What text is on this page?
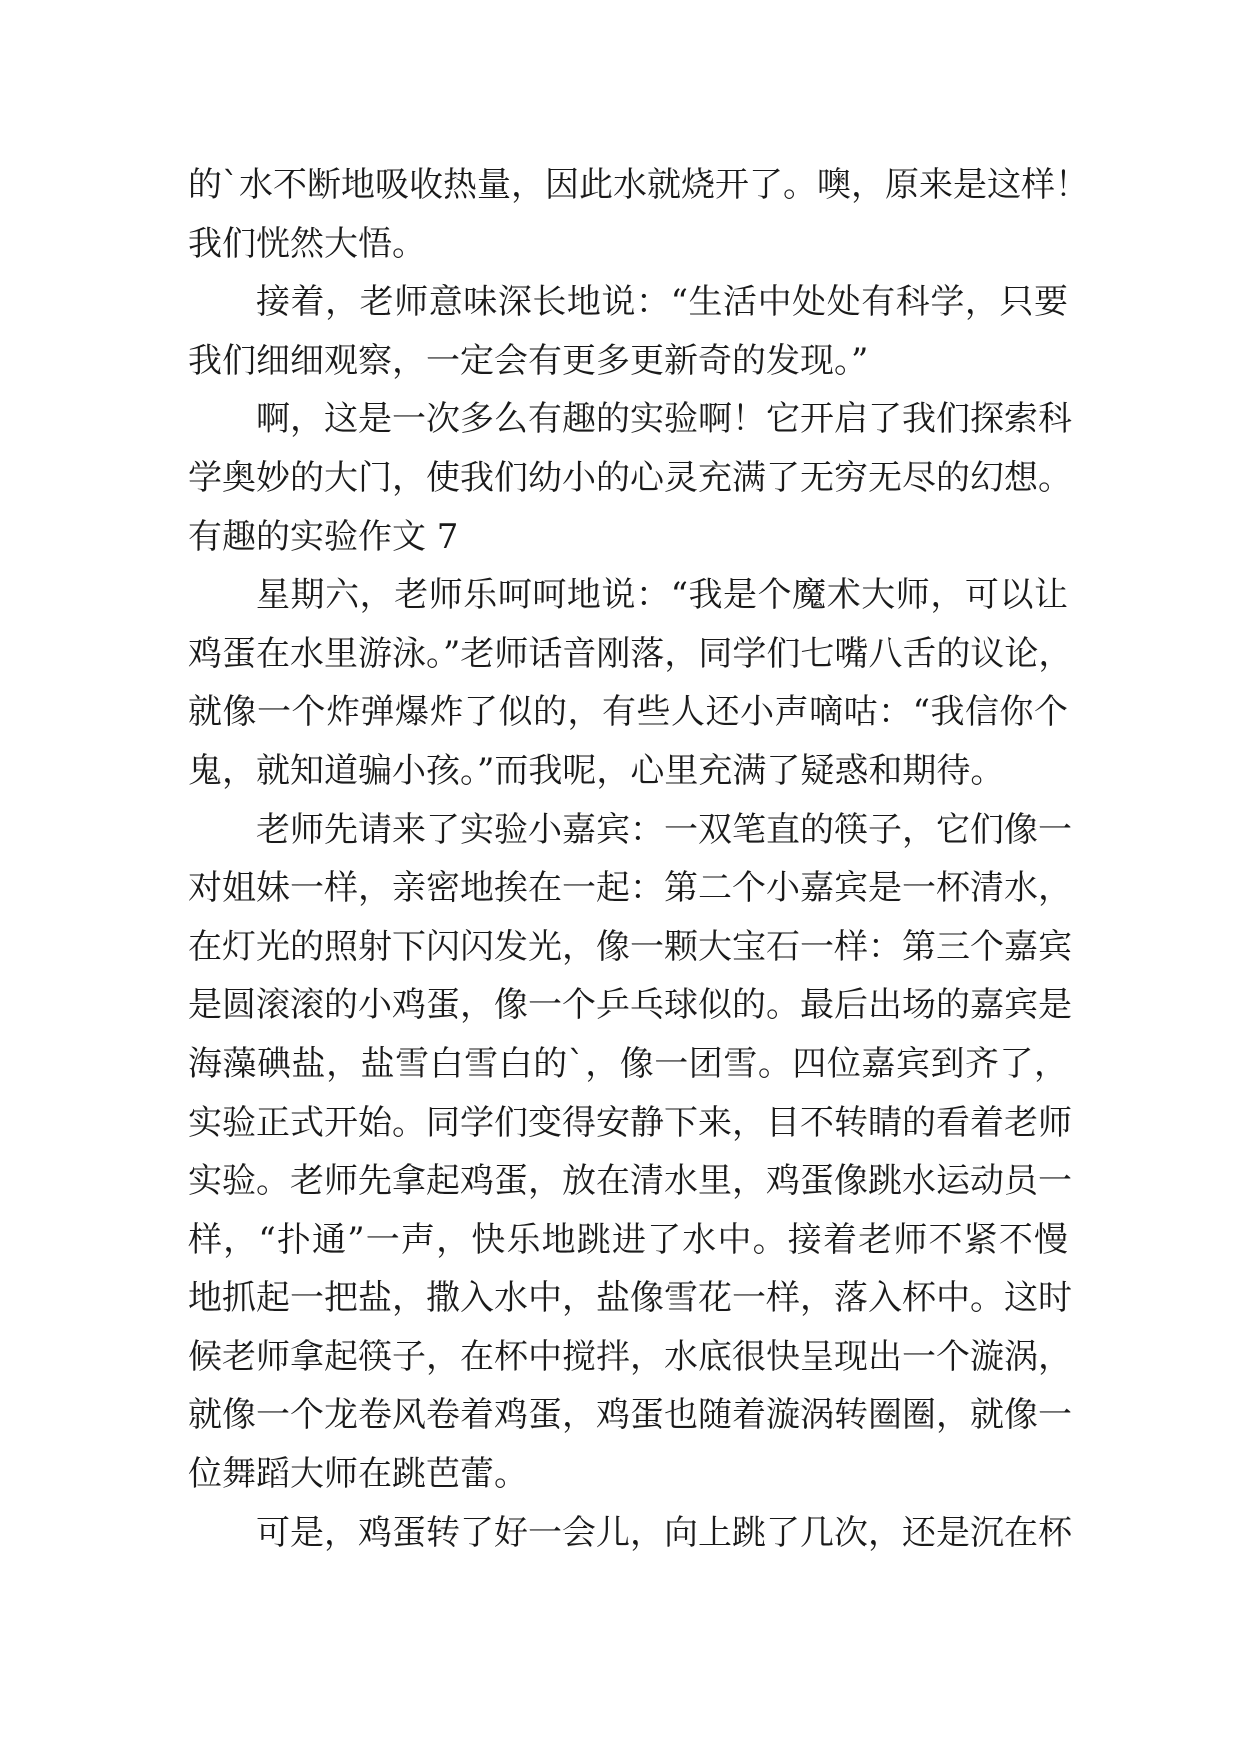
的`水不断地吸收热量，因此水就烧开了。噢，原来是这样！
我们恍然大悟。
接着，老师意味深长地说：“生活中处处有科学，只要
我们细细观察，一定会有更多更新奇的发现。”
啊，这是一次多么有趣的实验啊！它开启了我们探索科
学奥妙的大门，使我们幼小的心灵充满了无穷无尽的幻想。
有趣的实验作文 7
星期六，老师乐呵呵地说：“我是个魔术大师，可以让
鸡蛋在水里游泳。”老师话音刚落，同学们七嘴八舌的议论，
就像一个炸弹爆炸了似的，有些人还小声嘀咕：“我信你个
鬼，就知道骗小孩。”而我呢，心里充满了疑惑和期待。
老师先请来了实验小嘉宾：一双笔直的筷子，它们像一
对姐妹一样，亲密地挨在一起：第二个小嘉宾是一杯清水，
在灯光的照射下闪闪发光，像一颗大宝石一样：第三个嘉宾
是圆滚滚的小鸡蛋，像一个乒乓球似的。最后出场的嘉宾是
海藻碘盐，盐雪白雪白的`，像一团雪。四位嘉宾到齐了，
实验正式开始。同学们变得安静下来，目不转睛的看着老师
实验。老师先拿起鸡蛋，放在清水里，鸡蛋像跳水运动员一
样，“扑通”一声，快乐地跳进了水中。接着老师不紧不慢
地抓起一把盐，撒入水中，盐像雪花一样，落入杯中。这时
候老师拿起筷子，在杯中搅拌，水底很快呈现出一个漩涡，
就像一个龙卷风卷着鸡蛋，鸡蛋也随着漩涡转圈圈，就像一
位舞蹈大师在跳芭蕾。
可是，鸡蛋转了好一会儿，向上跳了几次，还是沉在杯
